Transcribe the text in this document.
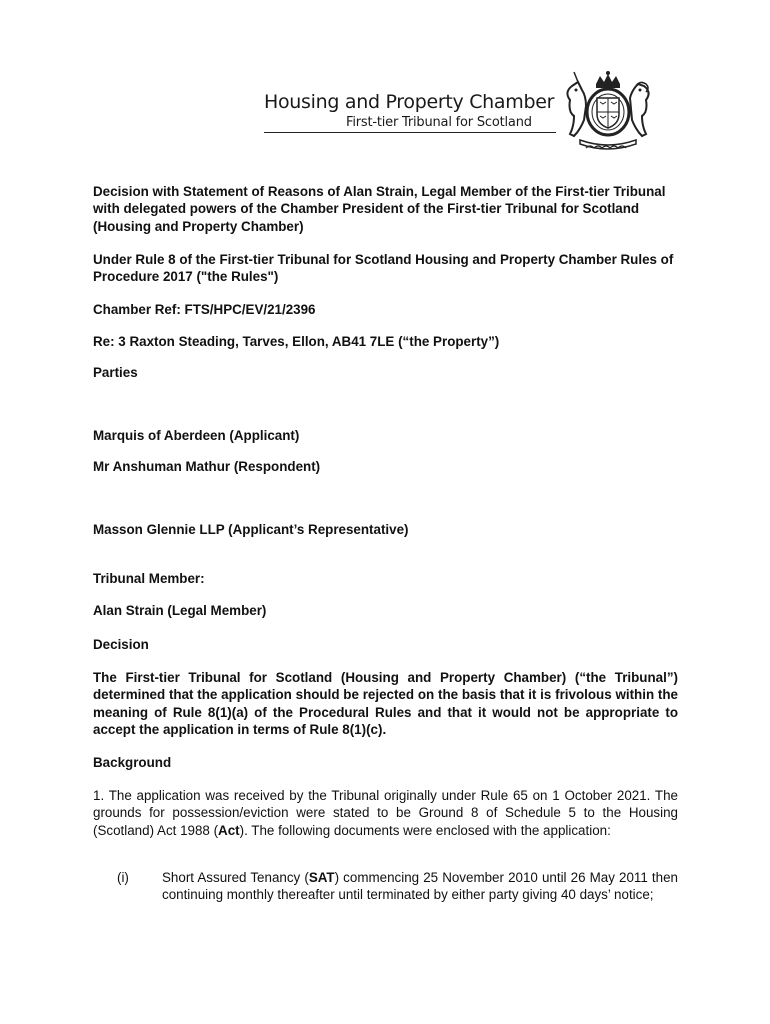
Housing and Property Chamber
First-tier Tribunal for Scotland

Decision with Statement of Reasons of Alan Strain, Legal Member of the First-tier Tribunal with delegated powers of the Chamber President of the First-tier Tribunal for Scotland (Housing and Property Chamber)

Under Rule 8 of the First-tier Tribunal for Scotland Housing and Property Chamber Rules of Procedure 2017 ("the Rules")

Chamber Ref: FTS/HPC/EV/21/2396

Re: 3 Raxton Steading, Tarves, Ellon, AB41 7LE (“the Property”)

Parties

Marquis of Aberdeen (Applicant)

Mr Anshuman Mathur (Respondent)

Masson Glennie LLP (Applicant’s Representative)

Tribunal Member:

Alan Strain (Legal Member)

Decision

The First-tier Tribunal for Scotland (Housing and Property Chamber) (“the Tribunal”) determined that the application should be rejected on the basis that it is frivolous within the meaning of Rule 8(1)(a) of the Procedural Rules and that it would not be appropriate to accept the application in terms of Rule 8(1)(c).

Background

1. The application was received by the Tribunal originally under Rule 65 on 1 October 2021. The grounds for possession/eviction were stated to be Ground 8 of Schedule 5 to the Housing (Scotland) Act 1988 (Act). The following documents were enclosed with the application:

(i) Short Assured Tenancy (SAT) commencing 25 November 2010 until 26 May 2011 then continuing monthly thereafter until terminated by either party giving 40 days’ notice;
